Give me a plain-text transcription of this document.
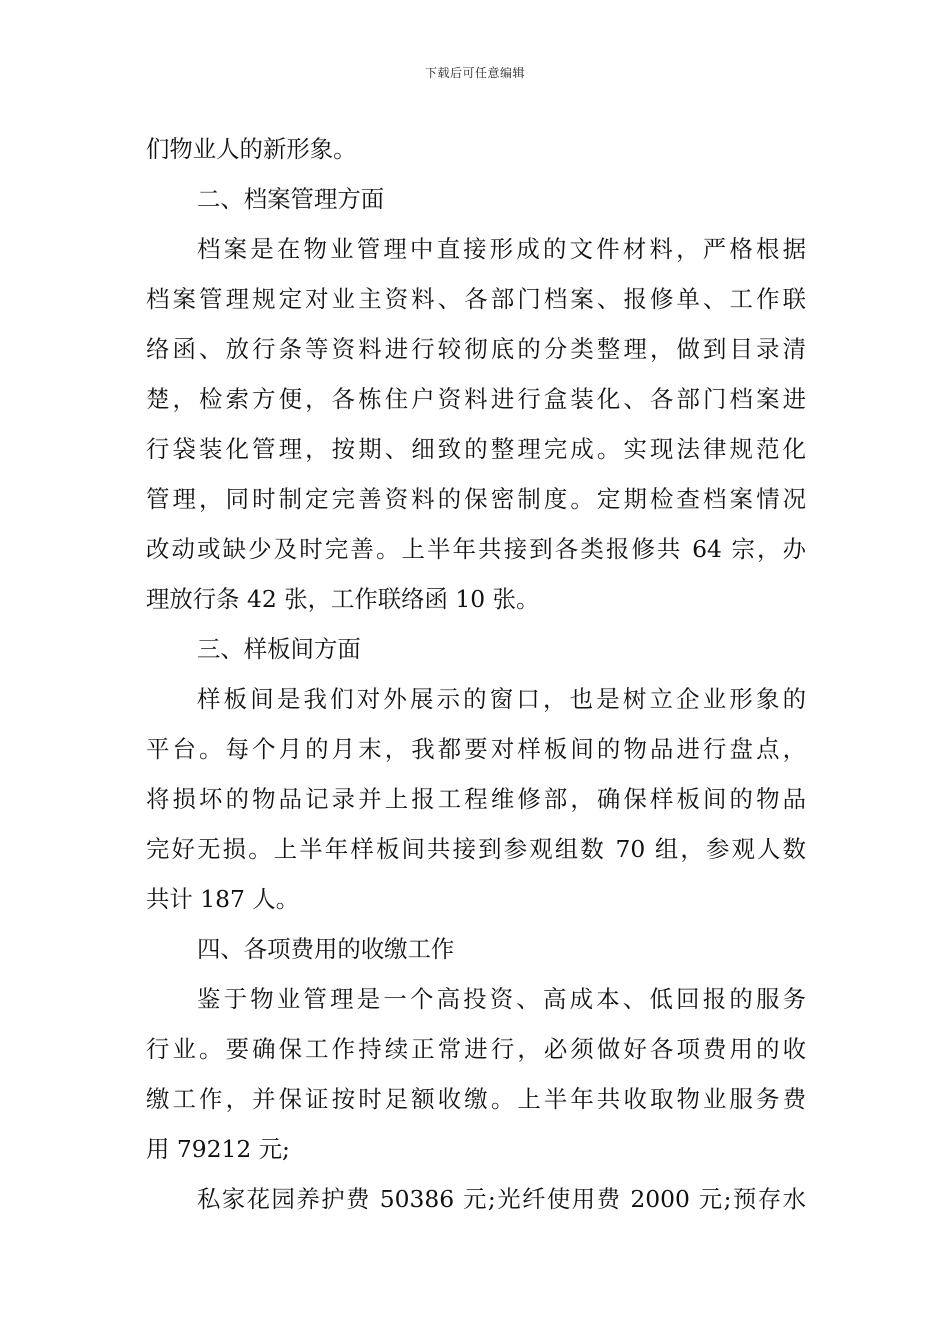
下载后可任意编辑
们物业人的新形象。
二、档案管理方面
档案是在物业管理中直接形成的文件材料，严格根据
档案管理规定对业主资料、各部门档案、报修单、工作联
络函、放行条等资料进行较彻底的分类整理，做到目录清
楚，检索方便，各栋住户资料进行盒装化、各部门档案进
行袋装化管理，按期、细致的整理完成。实现法律规范化
管理，同时制定完善资料的保密制度。定期检查档案情况
改动或缺少及时完善。上半年共接到各类报修共 64 宗，办
理放行条 42 张，工作联络函 10 张。
三、样板间方面
样板间是我们对外展示的窗口，也是树立企业形象的
平台。每个月的月末，我都要对样板间的物品进行盘点，
将损坏的物品记录并上报工程维修部，确保样板间的物品
完好无损。上半年样板间共接到参观组数 70 组，参观人数
共计 187 人。
四、各项费用的收缴工作
鉴于物业管理是一个高投资、高成本、低回报的服务
行业。要确保工作持续正常进行，必须做好各项费用的收
缴工作，并保证按时足额收缴。上半年共收取物业服务费
用 79212 元;
私家花园养护费 50386 元;光纤使用费 2000 元;预存水
